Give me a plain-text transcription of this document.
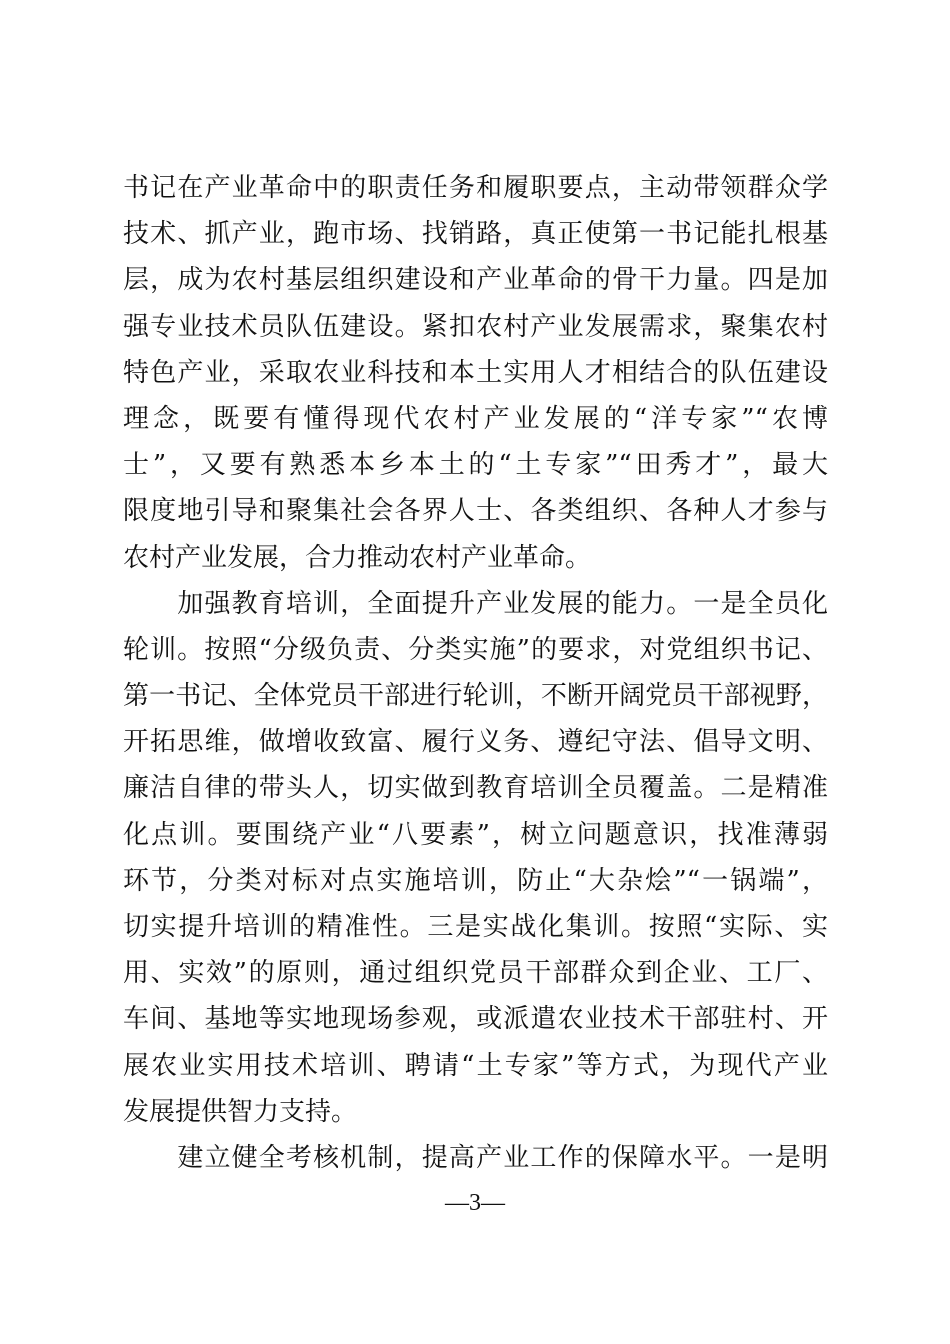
书记在产业革命中的职责任务和履职要点，主动带领群众学
技术、抓产业，跑市场、找销路，真正使第一书记能扎根基
层，成为农村基层组织建设和产业革命的骨干力量。四是加
强专业技术员队伍建设。紧扣农村产业发展需求，聚集农村
特色产业，采取农业科技和本土实用人才相结合的队伍建设
理念，既要有懂得现代农村产业发展的“洋专家”“农博
士”，又要有熟悉本乡本土的“土专家”“田秀才”，最大
限度地引导和聚集社会各界人士、各类组织、各种人才参与
农村产业发展，合力推动农村产业革命。
　　加强教育培训，全面提升产业发展的能力。一是全员化
轮训。按照“分级负责、分类实施”的要求，对党组织书记、
第一书记、全体党员干部进行轮训，不断开阔党员干部视野，
开拓思维，做增收致富、履行义务、遵纪守法、倡导文明、
廉洁自律的带头人，切实做到教育培训全员覆盖。二是精准
化点训。要围绕产业“八要素”，树立问题意识，找准薄弱
环节，分类对标对点实施培训，防止“大杂烩”“一锅端”，
切实提升培训的精准性。三是实战化集训。按照“实际、实
用、实效”的原则，通过组织党员干部群众到企业、工厂、
车间、基地等实地现场参观，或派遣农业技术干部驻村、开
展农业实用技术培训、聘请“土专家”等方式，为现代产业
发展提供智力支持。
　　建立健全考核机制，提高产业工作的保障水平。一是明
—3—
